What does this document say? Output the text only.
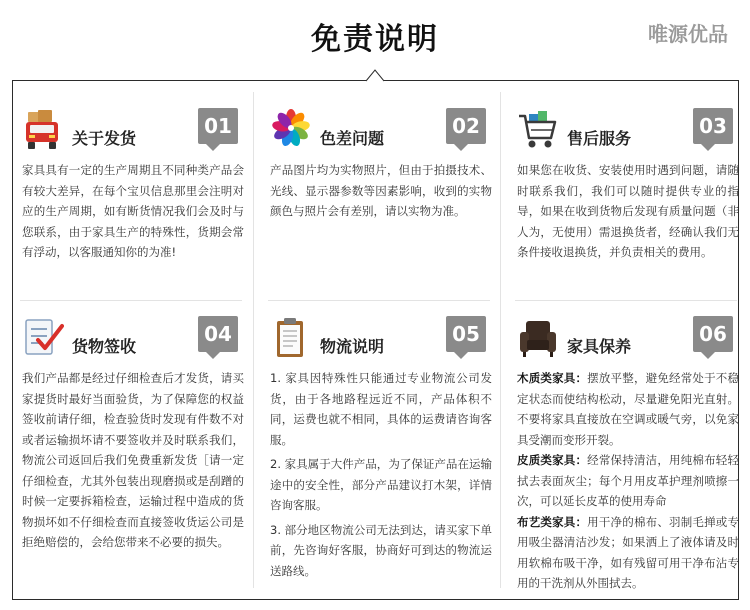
免责说明	唯源优品
关于发货
01
家具具有一定的生产周期且不同种类产品会有较大差异，在每个宝贝信息那里会注明对应的生产周期，如有断货情况我们会及时与您联系，由于家具生产的特殊性，货期会常有浮动，以客服通知你的为准!
色差问题
02
产品图片均为实物照片，但由于拍摄技术、光线、显示器参数等因素影响，收到的实物颜色与照片会有差别，请以实物为准。
售后服务
03
如果您在收货、安装使用时遇到问题，请随时联系我们，我们可以随时提供专业的指导，如果在收到货物后发现有质量问题（非人为，无使用）需退换货者，经确认我们无条件接收退换货，并负责相关的费用。
货物签收
04
我们产品都是经过仔细检查后才发货，请买家提货时最好当面验货，为了保障您的权益签收前请仔细，检查验货时发现有件数不对或者运输损坏请不要签收并及时联系我们，物流公司返回后我们免费重新发货［请一定仔细检查，尤其外包装出现磨损或是刮蹭的时候一定要拆箱检查，运输过程中造成的货物损坏如不仔细检查而直接签收货运公司是拒绝赔偿的，会给您带来不必要的损失。
物流说明
05

1. 家具因特殊性只能通过专业物流公司发货，由于各地路程远近不同，产品体积不同，运费也就不相同，具体的运费请咨询客服。

2. 家具属于大件产品，为了保证产品在运输途中的安全性，部分产品建议打木架，详情咨询客服。

3. 部分地区物流公司无法到达，请买家下单前，先咨询好客服，协商好可到达的物流运送路线。

家具保养
06

木质类家具：摆放平整，避免经常处于不稳定状态而使结构松动，尽量避免阳光直射。不要将家具直接放在空调或暖气旁，以免家具受潮而变形开裂。

皮质类家具：经常保持清洁，用纯棉布轻轻拭去表面灰尘；每个月用皮革护理剂喷擦一次，可以延长皮革的使用寿命

布艺类家具：用干净的棉布、羽制毛掸或专用吸尘器清洁沙发；如果洒上了液体请及时用软棉布吸干净，如有残留可用干净布沾专用的干洗剂从外围拭去。
